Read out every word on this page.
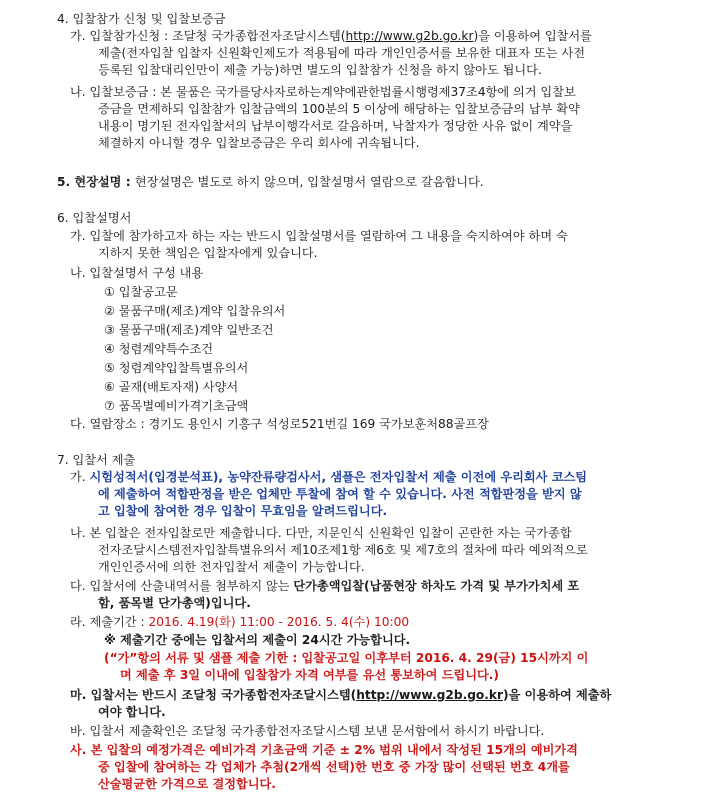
4. 입찰참가 신청 및 입찰보증금
가. 입찰참가신청 : 조달청 국가종합전자조달시스템(http://www.g2b.go.kr)을 이용하여 입찰서를
제출(전자입찰 입찰자 신원확인제도가 적용됨에 따라 개인인증서를 보유한 대표자 또는 사전
등록된 입찰대리인만이 제출 가능)하면 별도의 입찰참가 신청을 하지 않아도 됩니다.
나. 입찰보증금 : 본 물품은 국가를당사자로하는계약에관한법률시행령제37조4항에 의거 입찰보
증금을 면제하되 입찰참가 입찰금액의 100분의 5 이상에 해당하는 입찰보증금의 납부 확약
내용이 명기된 전자입찰서의 납부이행각서로 갈음하며, 낙찰자가 정당한 사유 없이 계약을
체결하지 아니할 경우 입찰보증금은 우리 회사에 귀속됩니다.
5. 현장설명 : 현장설명은 별도로 하지 않으며, 입찰설명서 열람으로 갈음합니다.
6. 입찰설명서
가. 입찰에 참가하고자 하는 자는 반드시 입찰설명서를 열람하여 그 내용을 숙지하여야 하며 숙
지하지 못한 책임은 입찰자에게 있습니다.
나. 입찰설명서 구성 내용
① 입찰공고문
② 물품구매(제조)계약 입찰유의서
③ 물품구매(제조)계약 일반조건
④ 청렴계약특수조건
⑤ 청렴계약입찰특별유의서
⑥ 골재(배토자재) 사양서
⑦ 품목별예비가격기초금액
다. 열람장소 : 경기도 용인시 기흥구 석성로521번길 169 국가보훈처88골프장
7. 입찰서 제출
가. 시험성적서(입경분석표), 농약잔류량검사서, 샘플은 전자입찰서 제출 이전에 우리회사 코스팀
에 제출하여 적합판정을 받은 업체만 투찰에 참여 할 수 있습니다. 사전 적합판정을 받지 않
고 입찰에 참여한 경우 입찰이 무효임을 알려드립니다.
나. 본 입찰은 전자입찰로만 제출합니다. 다만, 지문인식 신원확인 입찰이 곤란한 자는 국가종합
전자조달시스템전자입찰특별유의서 제10조제1항 제6호 및 제7호의 절차에 따라 예외적으로
개인인증서에 의한 전자입찰서 제출이 가능합니다.
다. 입찰서에 산출내역서를 첨부하지 않는 단가총액입찰(납품현장 하차도 가격 및 부가가치세 포
함, 품목별 단가총액)입니다.
라. 제출기간 : 2016. 4.19(화) 11:00 - 2016. 5. 4(수) 10:00
※ 제출기간 중에는 입찰서의 제출이 24시간 가능합니다.
(“가”항의 서류 및 샘플 제출 기한 : 입찰공고일 이후부터 2016. 4. 29(금) 15시까지 이
며 제출 후 3일 이내에 입찰참가 자격 여부를 유선 통보하여 드립니다.)
마. 입찰서는 반드시 조달청 국가종합전자조달시스템(http://www.g2b.go.kr)을 이용하여 제출하
여야 합니다.
바. 입찰서 제출확인은 조달청 국가종합전자조달시스템 보낸 문서함에서 하시기 바랍니다.
사. 본 입찰의 예정가격은 예비가격 기초금액 기준 ± 2% 범위 내에서 작성된 15개의 예비가격
중 입찰에 참여하는 각 업체가 추첨(2개씩 선택)한 번호 중 가장 많이 선택된 번호 4개를
산술평균한 가격으로 결정합니다.
